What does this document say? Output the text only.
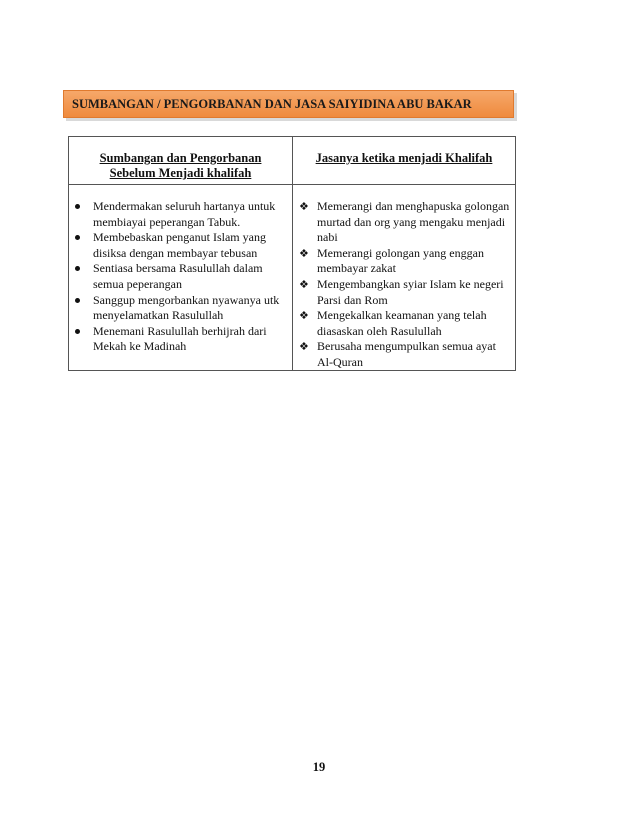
SUMBANGAN / PENGORBANAN DAN JASA SAIYIDINA ABU BAKAR
Sumbangan dan Pengorbanan
Sebelum Menjadi khalifah
Jasanya ketika menjadi Khalifah
Mendermakan seluruh hartanya untuk membiayai peperangan Tabuk.
Membebaskan penganut Islam yang disiksa dengan membayar tebusan
Sentiasa bersama Rasulullah dalam semua peperangan
Sanggup mengorbankan nyawanya utk menyelamatkan Rasulullah
Menemani Rasulullah berhijrah dari Mekah ke Madinah
❖ Memerangi dan menghapuska golongan murtad dan org yang mengaku menjadi nabi
❖ Memerangi golongan yang enggan membayar zakat
❖ Mengembangkan syiar Islam ke negeri Parsi dan Rom
❖ Mengekalkan keamanan yang telah diasaskan oleh Rasulullah
❖ Berusaha mengumpulkan semua ayat Al-Quran
19
